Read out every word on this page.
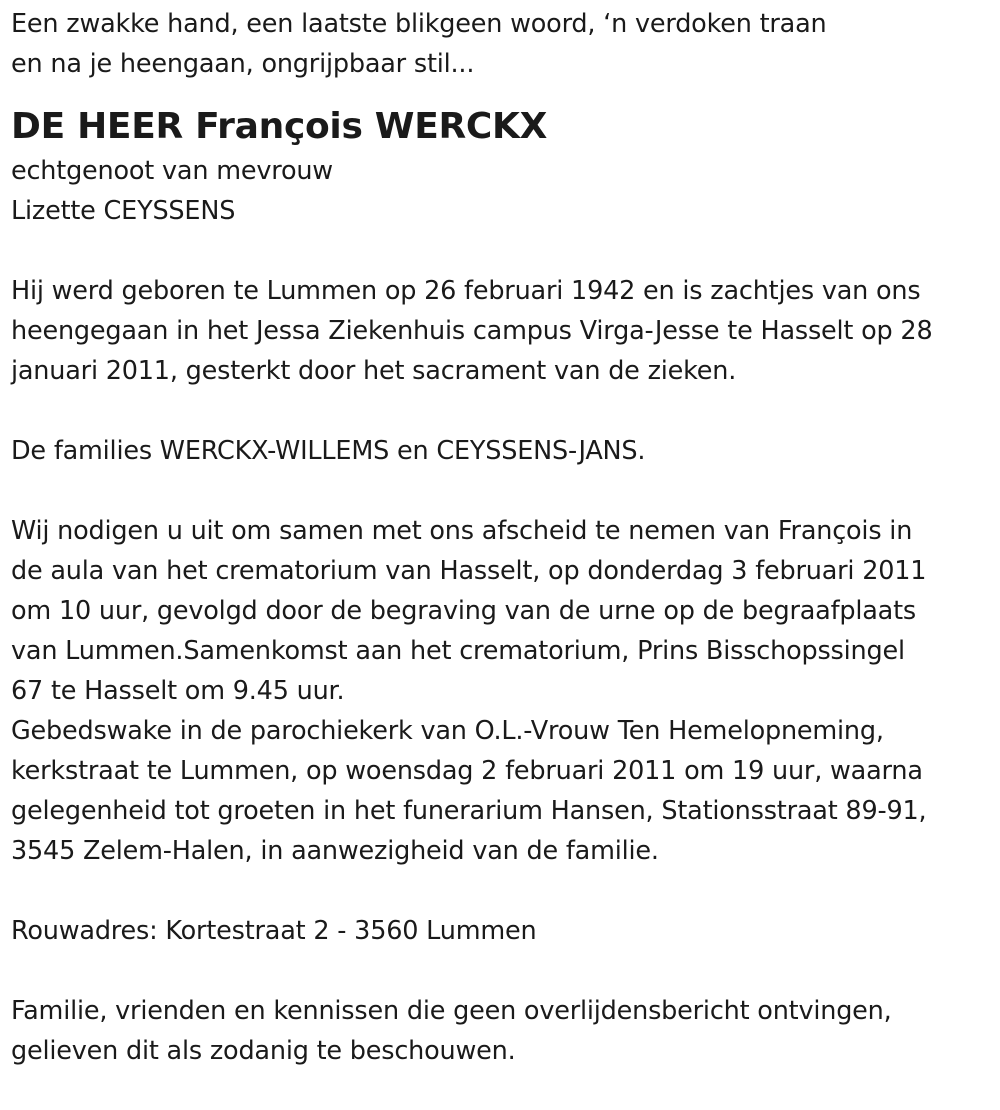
Een zwakke hand, een laatste blikgeen woord, ‘n verdoken traan
en na je heengaan, ongrijpbaar stil...
DE HEER François WERCKX
echtgenoot van mevrouw
Lizette CEYSSENS
Hij werd geboren te Lummen op 26 februari 1942 en is zachtjes van ons
heengegaan in het Jessa Ziekenhuis campus Virga-Jesse te Hasselt op 28
januari 2011, gesterkt door het sacrament van de zieken.
De families WERCKX-WILLEMS en CEYSSENS-JANS.
Wij nodigen u uit om samen met ons afscheid te nemen van François in
de aula van het crematorium van Hasselt, op donderdag 3 februari 2011
om 10 uur, gevolgd door de begraving van de urne op de begraafplaats
van Lummen.Samenkomst aan het crematorium, Prins Bisschopssingel
67 te Hasselt om 9.45 uur.
Gebedswake in de parochiekerk van O.L.-Vrouw Ten Hemelopneming,
kerkstraat te Lummen, op woensdag 2 februari 2011 om 19 uur, waarna
gelegenheid tot groeten in het funerarium Hansen, Stationsstraat 89-91,
3545 Zelem-Halen, in aanwezigheid van de familie.
Rouwadres: Kortestraat 2 - 3560 Lummen
Familie, vrienden en kennissen die geen overlijdensbericht ontvingen,
gelieven dit als zodanig te beschouwen.
